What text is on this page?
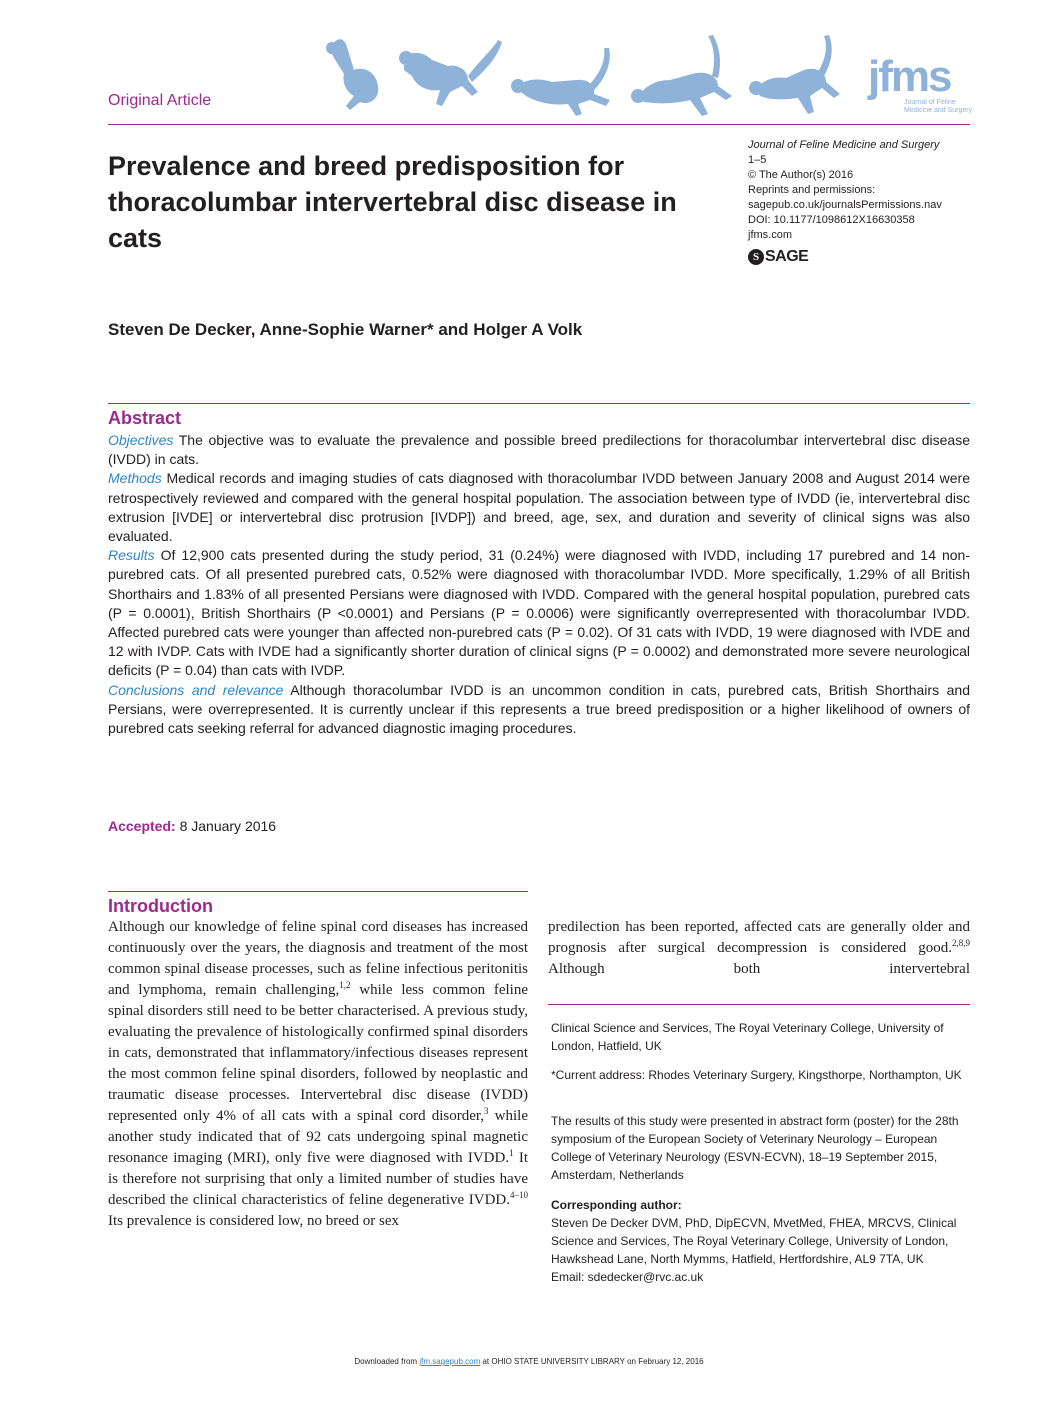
jfms
Journal of Feline
Medicine and Surgery
Original Article
Prevalence and breed predisposition for thoracolumbar intervertebral disc disease in cats
Journal of Feline Medicine and Surgery
1–5
© The Author(s) 2016
Reprints and permissions:
sagepub.co.uk/journalsPermissions.nav
DOI: 10.1177/1098612X16630358
jfms.com
S SAGE
Steven De Decker, Anne-Sophie Warner* and Holger A Volk
Abstract

Objectives The objective was to evaluate the prevalence and possible breed predilections for thoracolumbar intervertebral disc disease (IVDD) in cats.

Methods Medical records and imaging studies of cats diagnosed with thoracolumbar IVDD between January 2008 and August 2014 were retrospectively reviewed and compared with the general hospital population. The association between type of IVDD (ie, intervertebral disc extrusion [IVDE] or intervertebral disc protrusion [IVDP]) and breed, age, sex, and duration and severity of clinical signs was also evaluated.

Results Of 12,900 cats presented during the study period, 31 (0.24%) were diagnosed with IVDD, including 17 purebred and 14 non-purebred cats. Of all presented purebred cats, 0.52% were diagnosed with thoracolumbar IVDD. More specifically, 1.29% of all British Shorthairs and 1.83% of all presented Persians were diagnosed with IVDD. Compared with the general hospital population, purebred cats (P = 0.0001), British Shorthairs (P <0.0001) and Persians (P = 0.0006) were significantly overrepresented with thoracolumbar IVDD. Affected purebred cats were younger than affected non-purebred cats (P = 0.02). Of 31 cats with IVDD, 19 were diagnosed with IVDE and 12 with IVDP. Cats with IVDE had a significantly shorter duration of clinical signs (P = 0.0002) and demonstrated more severe neurological deficits (P = 0.04) than cats with IVDP.

Conclusions and relevance Although thoracolumbar IVDD is an uncommon condition in cats, purebred cats, British Shorthairs and Persians, were overrepresented. It is currently unclear if this represents a true breed predisposition or a higher likelihood of owners of purebred cats seeking referral for advanced diagnostic imaging procedures.

Accepted: 8 January 2016
Introduction
Although our knowledge of feline spinal cord diseases has increased continuously over the years, the diagnosis and treatment of the most common spinal disease processes, such as feline infectious peritonitis and lymphoma, remain challenging,$^{1,2}$ while less common feline spinal disorders still need to be better characterised. A previous study, evaluating the prevalence of histologically confirmed spinal disorders in cats, demonstrated that inflammatory/infectious diseases represent the most common feline spinal disorders, followed by neoplastic and traumatic disease processes. Intervertebral disc disease (IVDD) represented only 4% of all cats with a spinal cord disorder,$^3$ while another study indicated that of 92 cats undergoing spinal magnetic resonance imaging (MRI), only five were diagnosed with IVDD.$^1$ It is therefore not surprising that only a limited number of studies have described the clinical characteristics of feline degenerative IVDD.$^{4-10}$ Its prevalence is considered low, no breed or sex
predilection has been reported, affected cats are generally older and prognosis after surgical decompression is considered good.$^{2,8,9}$ Although both intervertebral
Clinical Science and Services, The Royal Veterinary College, University of London, Hatfield, UK
*Current address: Rhodes Veterinary Surgery, Kingsthorpe, Northampton, UK
The results of this study were presented in abstract form (poster) for the 28th symposium of the European Society of Veterinary Neurology – European College of Veterinary Neurology (ESVN-ECVN), 18–19 September 2015, Amsterdam, Netherlands
Corresponding author:
Steven De Decker DVM, PhD, DipECVN, MvetMed, FHEA, MRCVS, Clinical Science and Services, The Royal Veterinary College, University of London, Hawkshead Lane, North Mymms, Hatfield, Hertfordshire, AL9 7TA, UK
Email: sdedecker@rvc.ac.uk
Downloaded from jfm.sagepub.com at OHIO STATE UNIVERSITY LIBRARY on February 12, 2016
